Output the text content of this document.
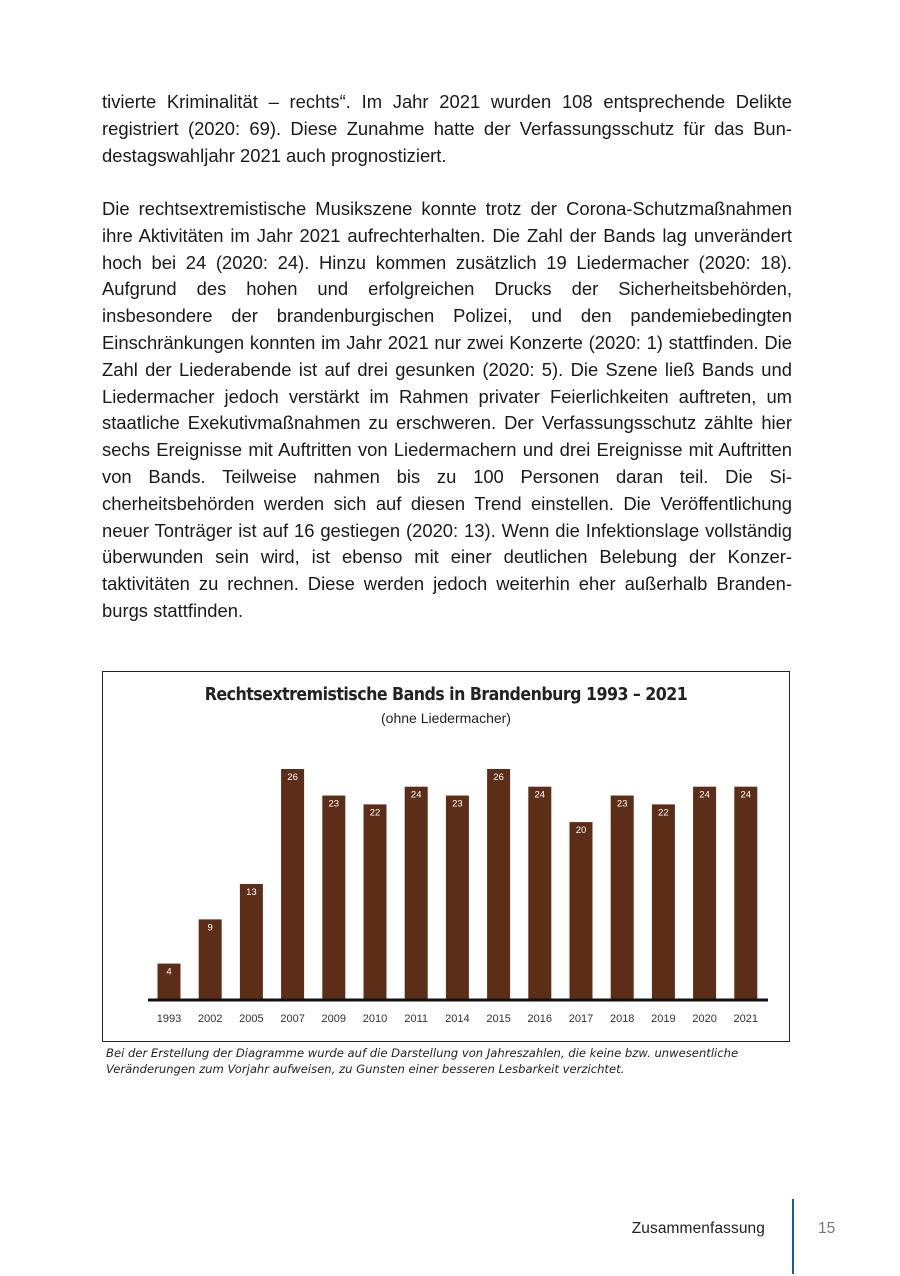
tivierte Kriminalität – rechts“. Im Jahr 2021 wurden 108 entsprechende Delikte registriert (2020: 69). Diese Zunahme hatte der Verfassungsschutz für das Bundestagswahljahr 2021 auch prognostiziert.

Die rechtsextremistische Musikszene konnte trotz der Corona-Schutzmaßnahmen ihre Aktivitäten im Jahr 2021 aufrechterhalten. Die Zahl der Bands lag unverändert hoch bei 24 (2020: 24). Hinzu kommen zusätzlich 19 Liedermacher (2020: 18). Aufgrund des hohen und erfolgreichen Drucks der Sicherheitsbehörden, insbesondere der brandenburgischen Polizei, und den pandemiebedingten Einschränkungen konnten im Jahr 2021 nur zwei Konzerte (2020: 1) stattfinden. Die Zahl der Liederabende ist auf drei gesunken (2020: 5). Die Szene ließ Bands und Liedermacher jedoch verstärkt im Rahmen privater Feierlichkeiten auftreten, um staatliche Exekutivmaßnahmen zu erschweren. Der Verfassungsschutz zählte hier sechs Ereignisse mit Auftritten von Liedermachern und drei Ereignisse mit Auftritten von Bands. Teilweise nahmen bis zu 100 Personen daran teil. Die Sicherheitsbehörden werden sich auf diesen Trend einstellen. Die Veröffentlichung neuer Tonträger ist auf 16 gestiegen (2020: 13). Wenn die Infektionslage vollständig überwunden sein wird, ist ebenso mit einer deutlichen Belebung der Konzertaktivitäten zu rechnen. Diese werden jedoch weiterhin eher außerhalb Brandenburgs stattfinden.

Rechtsextremistische Bands in Brandenburg 1993 – 2021
(ohne Liedermacher)
4
1993
9
2002
13
2005
26
2007
23
2009
22
2010
24
2011
23
2014
26
2015
24
2016
20
2017
23
2018
22
2019
24
2020
24
2021
Bei der Erstellung der Diagramme wurde auf die Darstellung von Jahreszahlen, die keine bzw. unwesentliche Veränderungen zum Vorjahr aufweisen, zu Gunsten einer besseren Lesbarkeit verzichtet.
Zusammenfassung	15
